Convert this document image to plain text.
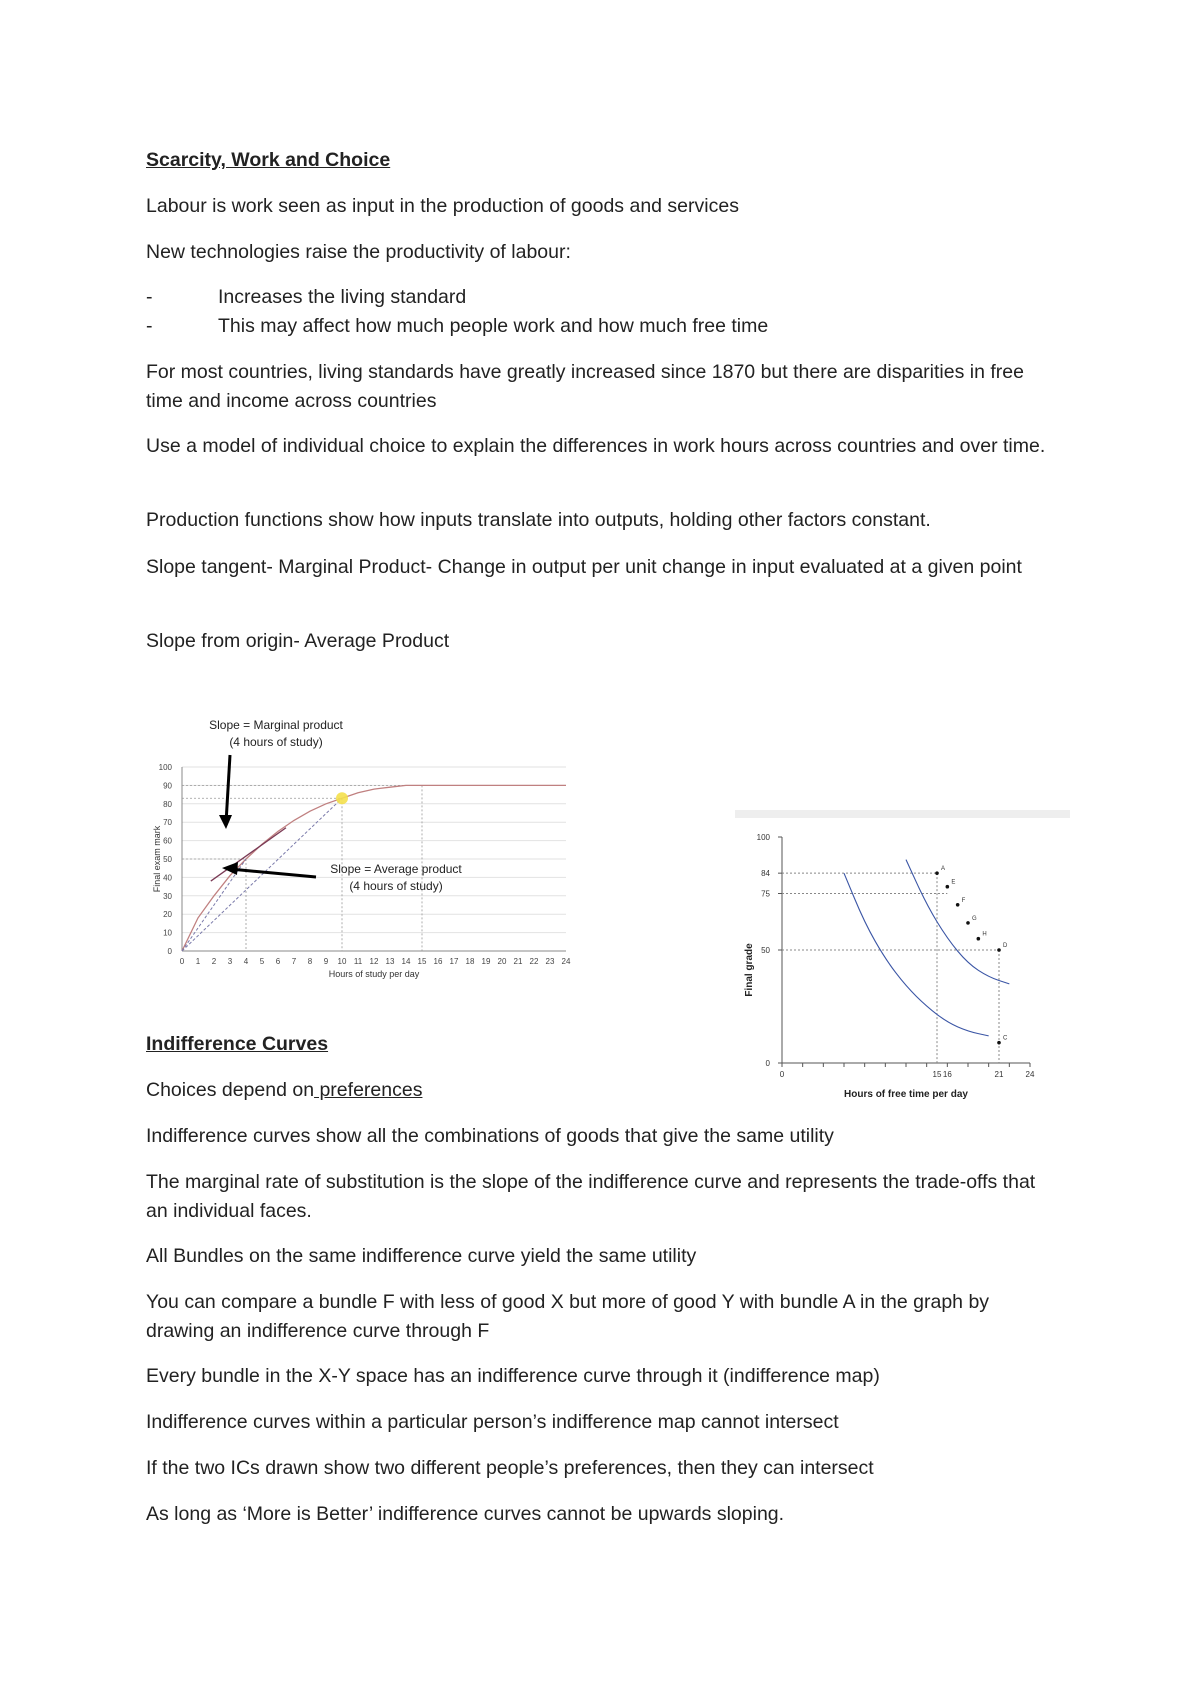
Scarcity, Work and Choice

Labour is work seen as input in the production of goods and services

New technologies raise the productivity of labour:

-	Increases the living standard
-	This may affect how much people work and how much free time

For most countries, living standards have greatly increased since 1870 but there are disparities in free time and income across countries

Use a model of individual choice to explain the differences in work hours across countries and over time.

Production functions show how inputs translate into outputs, holding other factors constant.

Slope tangent- Marginal Product- Change in output per unit change in input evaluated at a given point

Slope from origin- Average Product

0
10
20
30
40
50
60
70
80
90
100
0 1 2 3 4 5 6 7 8 9 10 11 12 13 14 15 16 17 18 19 20 21 22 23 24
Hours of study per day
Final exam mark
Slope = Marginal product
(4 hours of study)
Slope = Average product
(4 hours of study)
0
50
75
84
100
0	15 16	21	24
Hours of free time per day
Final grade
A
E
F
G
H
D
C

Indifference Curves

Choices depend on preferences

Indifference curves show all the combinations of goods that give the same utility

The marginal rate of substitution is the slope of the indifference curve and represents the trade-offs that an individual faces.

All Bundles on the same indifference curve yield the same utility

You can compare a bundle F with less of good X but more of good Y with bundle A in the graph by drawing an indifference curve through F

Every bundle in the X-Y space has an indifference curve through it (indifference map)

Indifference curves within a particular person’s indifference map cannot intersect

If the two ICs drawn show two different people’s preferences, then they can intersect

As long as ‘More is Better’ indifference curves cannot be upwards sloping.
